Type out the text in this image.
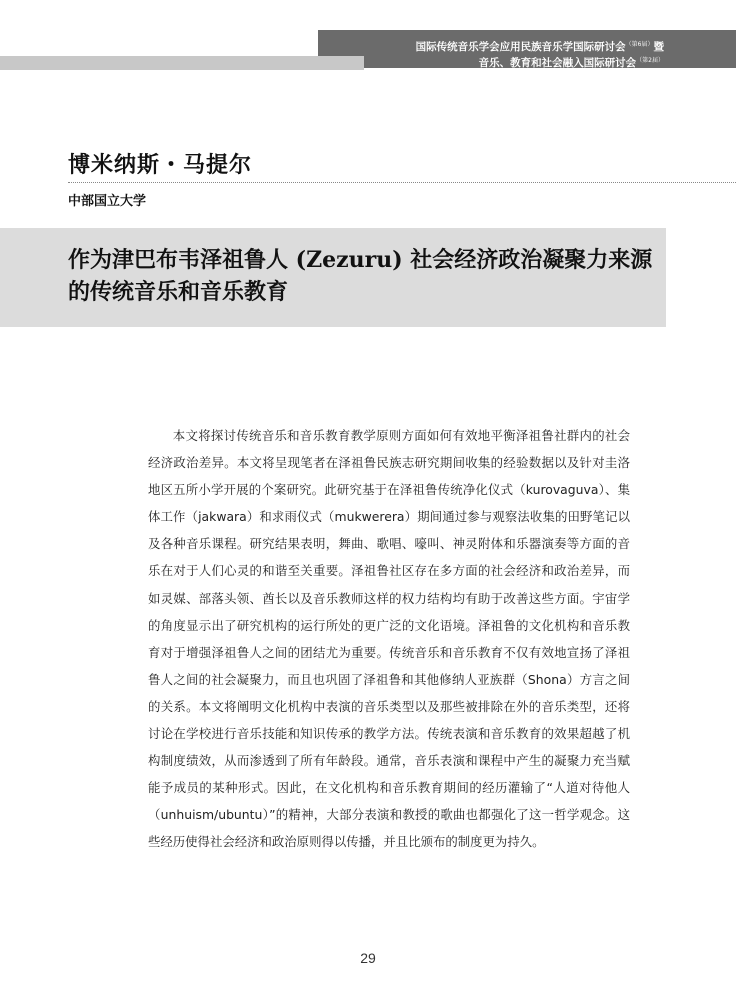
国际传统音乐学会应用民族音乐学国际研讨会$^{(第6届)}$暨
音乐、教育和社会融入国际研讨会$^{(第2届)}$
博米纳斯・马提尔
中部国立大学
作为津巴布韦泽祖鲁人 (Zezuru) 社会经济政治凝聚力来源的传统音乐和音乐教育

本文将探讨传统音乐和音乐教育教学原则方面如何有效地平衡泽祖鲁社群内的社会经济政治差异。本文将呈现笔者在泽祖鲁民族志研究期间收集的经验数据以及针对圭洛地区五所小学开展的个案研究。此研究基于在泽祖鲁传统净化仪式（kurovaguva）、集体工作（jakwara）和求雨仪式（mukwerera）期间通过参与观察法收集的田野笔记以及各种音乐课程。研究结果表明，舞曲、歌唱、嚎叫、神灵附体和乐器演奏等方面的音乐在对于人们心灵的和谐至关重要。泽祖鲁社区存在多方面的社会经济和政治差异，而如灵媒、部落头领、酋长以及音乐教师这样的权力结构均有助于改善这些方面。宇宙学的角度显示出了研究机构的运行所处的更广泛的文化语境。泽祖鲁的文化机构和音乐教育对于增强泽祖鲁人之间的团结尤为重要。传统音乐和音乐教育不仅有效地宣扬了泽祖鲁人之间的社会凝聚力，而且也巩固了泽祖鲁和其他修纳人亚族群（Shona）方言之间的关系。本文将阐明文化机构中表演的音乐类型以及那些被排除在外的音乐类型，还将讨论在学校进行音乐技能和知识传承的教学方法。传统表演和音乐教育的效果超越了机构制度绩效，从而渗透到了所有年龄段。通常，音乐表演和课程中产生的凝聚力充当赋能予成员的某种形式。因此，在文化机构和音乐教育期间的经历灌输了“人道对待他人（unhuism/ubuntu）”的精神，大部分表演和教授的歌曲也都强化了这一哲学观念。这些经历使得社会经济和政治原则得以传播，并且比颁布的制度更为持久。

29
